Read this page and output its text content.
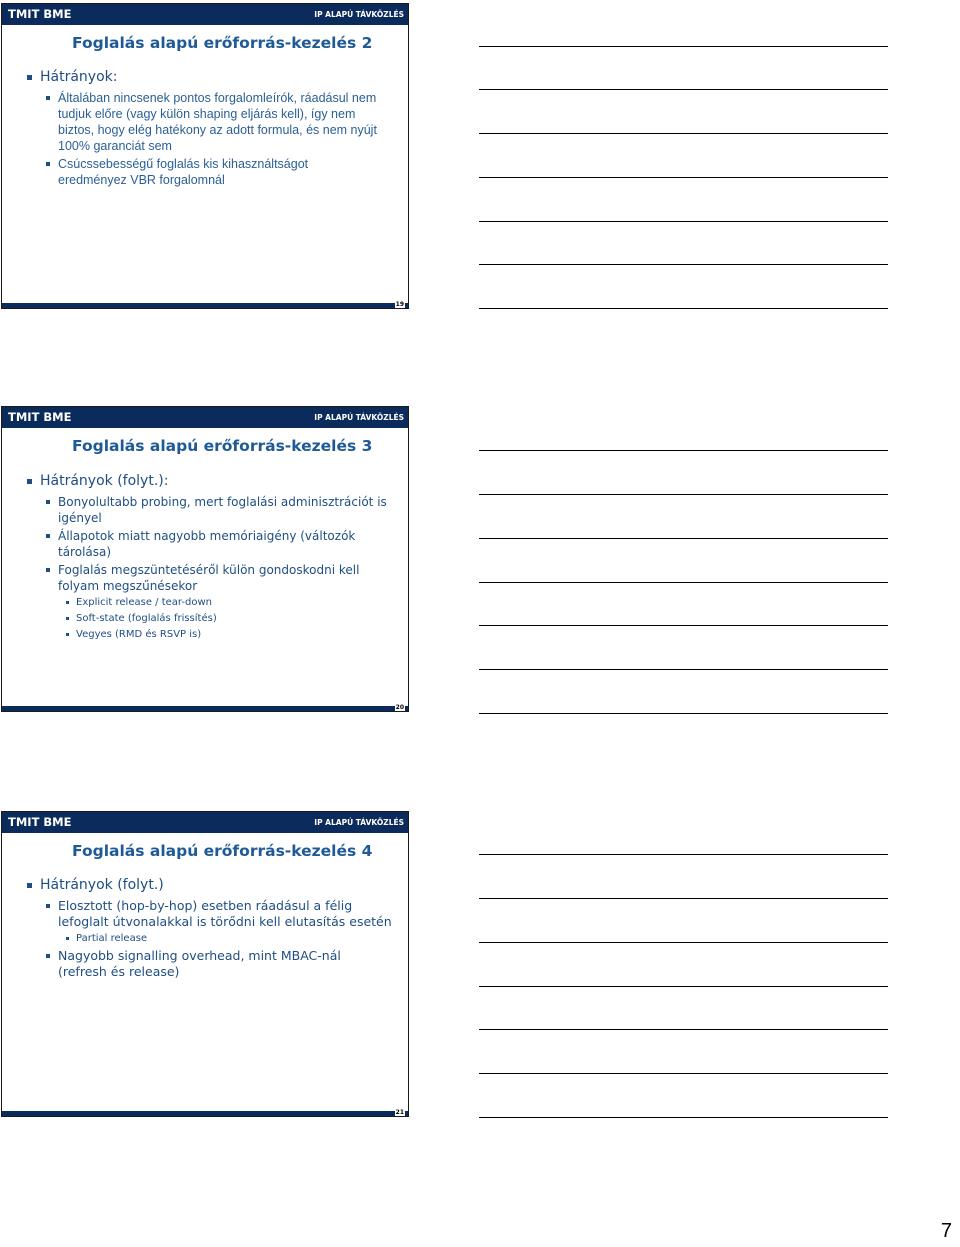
TMIT BME	IP ALAPÚ TÁVKÖZLÉS
Foglalás alapú erőforrás-kezelés 2
Hátrányok:
Általában nincsenek pontos forgalomleírók, ráadásul nem tudjuk előre (vagy külön shaping eljárás kell), így nem biztos, hogy elég hatékony az adott formula, és nem nyújt 100% garanciát sem
Csúcssebességű foglalás kis kihasználtságot eredményez VBR forgalomnál
19
TMIT BME	IP ALAPÚ TÁVKÖZLÉS
Foglalás alapú erőforrás-kezelés 3
Hátrányok (folyt.):
Bonyolultabb probing, mert foglalási adminisztrációt is igényel
Állapotok miatt nagyobb memóriaigény (változók tárolása)
Foglalás megszüntetéséről külön gondoskodni kell folyam megszűnésekor
Explicit release / tear-down
Soft-state (foglalás frissítés)
Vegyes (RMD és RSVP is)
20
TMIT BME	IP ALAPÚ TÁVKÖZLÉS
Foglalás alapú erőforrás-kezelés 4
Hátrányok (folyt.)
Elosztott (hop-by-hop) esetben ráadásul a félig lefoglalt útvonalakkal is törődni kell elutasítás esetén
Partial release
Nagyobb signalling overhead, mint MBAC-nál (refresh és release)
21
7
